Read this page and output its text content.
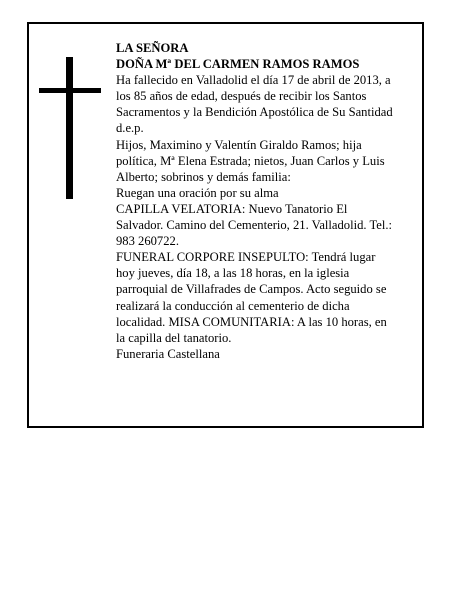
LA SEÑORA
DOÑA Mª DEL CARMEN RAMOS RAMOS
Ha fallecido en Valladolid el día 17 de abril de 2013, a
los 85 años de edad, después de recibir los Santos
Sacramentos y la Bendición Apostólica de Su Santidad
d.e.p.
Hijos, Maximino y Valentín Giraldo Ramos; hija
política, Mª Elena Estrada; nietos, Juan Carlos y Luis
Alberto; sobrinos y demás familia:
Ruegan una oración por su alma
CAPILLA VELATORIA: Nuevo Tanatorio El
Salvador. Camino del Cementerio, 21. Valladolid. Tel.:
983 260722.
FUNERAL CORPORE INSEPULTO: Tendrá lugar
hoy jueves, día 18, a las 18 horas, en la iglesia
parroquial de Villafrades de Campos. Acto seguido se
realizará la conducción al cementerio de dicha
localidad. MISA COMUNITARIA: A las 10 horas, en
la capilla del tanatorio.
Funeraria Castellana
